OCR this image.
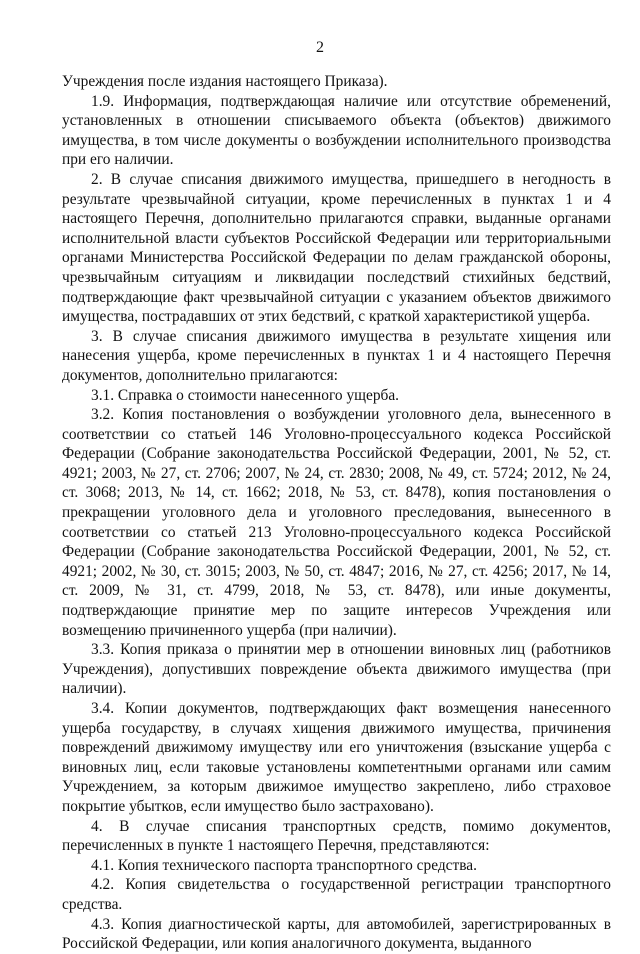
2

Учреждения после издания настоящего Приказа).

1.9. Информация, подтверждающая наличие или отсутствие обременений, установленных в отношении списываемого объекта (объектов) движимого имущества, в том числе документы о возбуждении исполнительного производства при его наличии.

2. В случае списания движимого имущества, пришедшего в негодность в результате чрезвычайной ситуации, кроме перечисленных в пунктах 1 и 4 настоящего Перечня, дополнительно прилагаются справки, выданные органами исполнительной власти субъектов Российской Федерации или территориальными органами Министерства Российской Федерации по делам гражданской обороны, чрезвычайным ситуациям и ликвидации последствий стихийных бедствий, подтверждающие факт чрезвычайной ситуации с указанием объектов движимого имущества, пострадавших от этих бедствий, с краткой характеристикой ущерба.

3. В случае списания движимого имущества в результате хищения или нанесения ущерба, кроме перечисленных в пунктах 1 и 4 настоящего Перечня документов, дополнительно прилагаются:

3.1. Справка о стоимости нанесенного ущерба.

3.2. Копия постановления о возбуждении уголовного дела, вынесенного в соответствии со статьей 146 Уголовно-процессуального кодекса Российской Федерации (Собрание законодательства Российской Федерации, 2001, № 52, ст. 4921; 2003, № 27, ст. 2706; 2007, № 24, ст. 2830; 2008, № 49, ст. 5724; 2012, № 24, ст. 3068; 2013, № 14, ст. 1662; 2018, № 53, ст. 8478), копия постановления о прекращении уголовного дела и уголовного преследования, вынесенного в соответствии со статьей 213 Уголовно-процессуального кодекса Российской Федерации (Собрание законодательства Российской Федерации, 2001, № 52, ст. 4921; 2002, № 30, ст. 3015; 2003, № 50, ст. 4847; 2016, № 27, ст. 4256; 2017, № 14, ст. 2009, № 31, ст. 4799, 2018, № 53, ст. 8478), или иные документы, подтверждающие принятие мер по защите интересов Учреждения или возмещению причиненного ущерба (при наличии).

3.3. Копия приказа о принятии мер в отношении виновных лиц (работников Учреждения), допустивших повреждение объекта движимого имущества (при наличии).

3.4. Копии документов, подтверждающих факт возмещения нанесенного ущерба государству, в случаях хищения движимого имущества, причинения повреждений движимому имуществу или его уничтожения (взыскание ущерба с виновных лиц, если таковые установлены компетентными органами или самим Учреждением, за которым движимое имущество закреплено, либо страховое покрытие убытков, если имущество было застраховано).

4. В случае списания транспортных средств, помимо документов, перечисленных в пункте 1 настоящего Перечня, представляются:

4.1. Копия технического паспорта транспортного средства.

4.2. Копия свидетельства о государственной регистрации транспортного средства.

4.3. Копия диагностической карты, для автомобилей, зарегистрированных в Российской Федерации, или копия аналогичного документа, выданного
